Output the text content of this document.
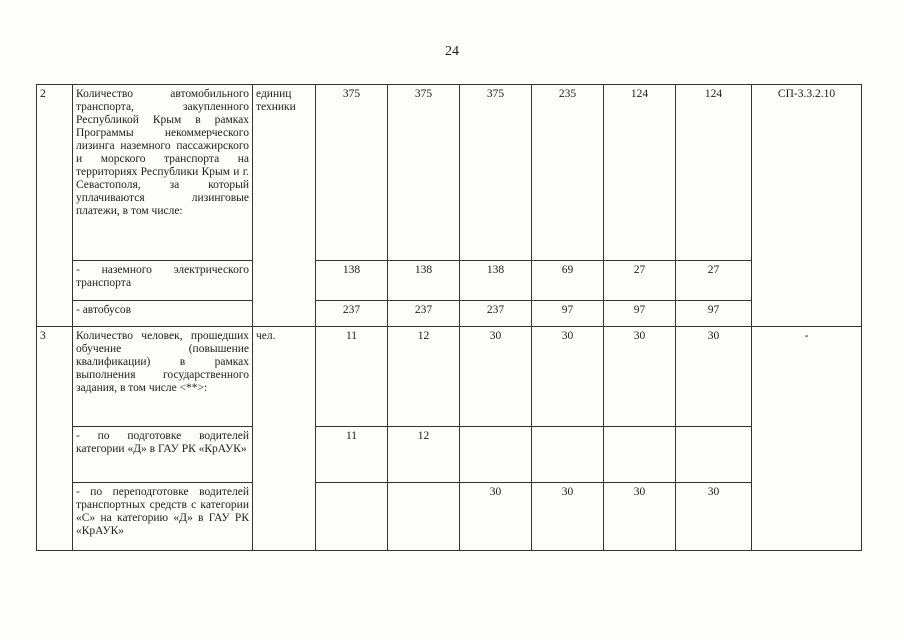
24
2	Количество автомобильного транспорта, закупленного Республикой Крым в рамках Программы некоммерческого лизинга наземного пассажирского и морского транспорта на территориях Республики Крым и г. Севастополя, за который уплачиваются лизинговые платежи, в том числе:	единиц техники	375	375	375	235	124	124	СП-3.3.2.10
	- наземного электрического транспорта		138	138	138	69	27	27	
	- автобусов		237	237	237	97	97	97	
3	Количество человек, прошедших обучение (повышение квалификации) в рамках выполнения государственного задания, в том числе <**>:	чел.	11	12	30	30	30	30	-
	- по подготовке водителей категории «Д» в ГАУ РК «КрАУК»		11	12					
	- по переподготовке водителей транспортных средств с категории «С» на категорию «Д» в ГАУ РК «КрАУК»				30	30	30	30	
